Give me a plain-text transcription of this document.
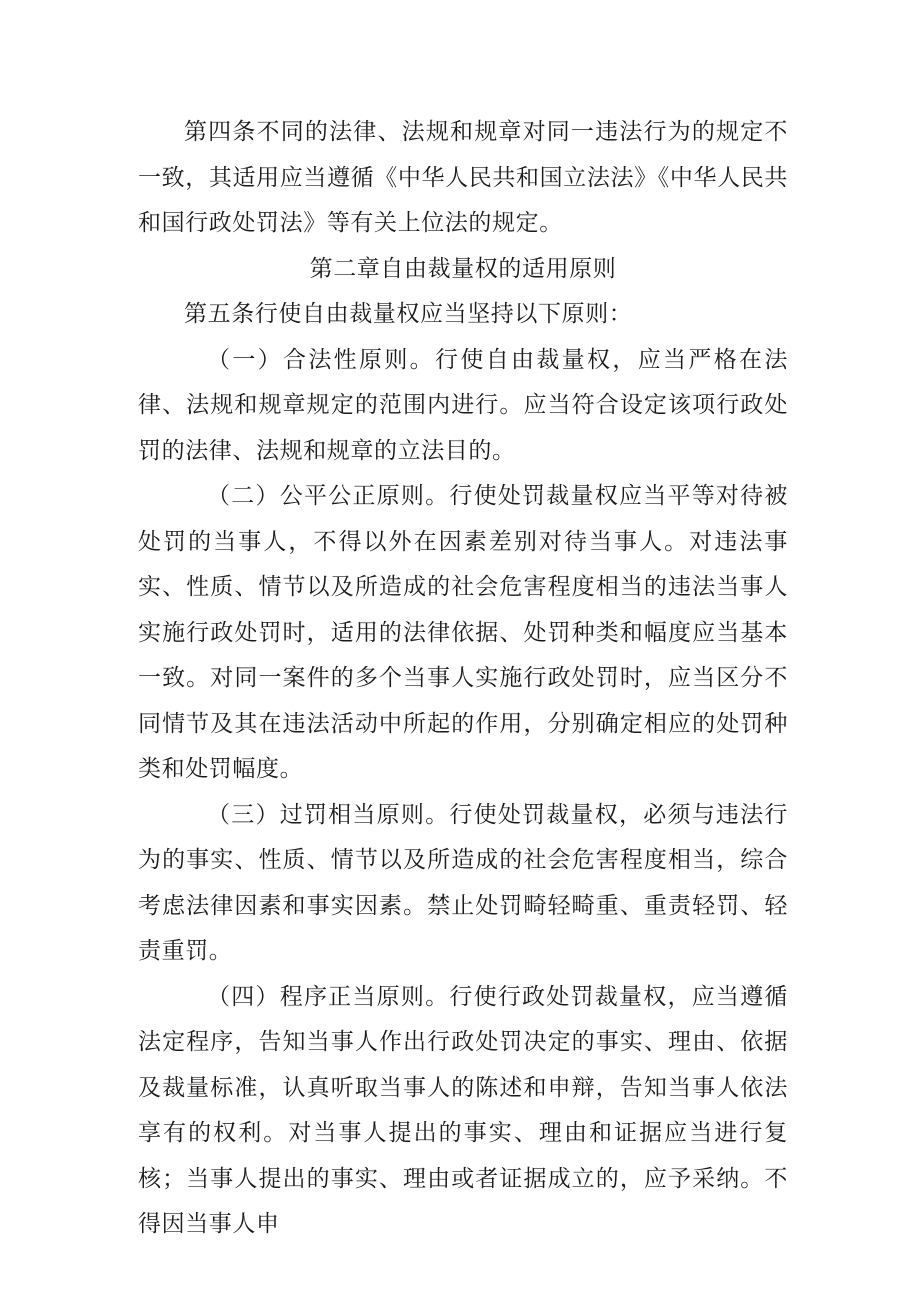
第四条不同的法律、法规和规章对同一违法行为的规定不一致，其适用应当遵循《中华人民共和国立法法》《中华人民共和国行政处罚法》等有关上位法的规定。

第二章自由裁量权的适用原则

第五条行使自由裁量权应当坚持以下原则：

（一）合法性原则。行使自由裁量权，应当严格在法律、法规和规章规定的范围内进行。应当符合设定该项行政处罚的法律、法规和规章的立法目的。

（二）公平公正原则。行使处罚裁量权应当平等对待被处罚的当事人，不得以外在因素差别对待当事人。对违法事实、性质、情节以及所造成的社会危害程度相当的违法当事人实施行政处罚时，适用的法律依据、处罚种类和幅度应当基本一致。对同一案件的多个当事人实施行政处罚时，应当区分不同情节及其在违法活动中所起的作用，分别确定相应的处罚种类和处罚幅度。

（三）过罚相当原则。行使处罚裁量权，必须与违法行为的事实、性质、情节以及所造成的社会危害程度相当，综合考虑法律因素和事实因素。禁止处罚畸轻畸重、重责轻罚、轻责重罚。

（四）程序正当原则。行使行政处罚裁量权，应当遵循法定程序，告知当事人作出行政处罚决定的事实、理由、依据及裁量标准，认真听取当事人的陈述和申辩，告知当事人依法享有的权利。对当事人提出的事实、理由和证据应当进行复核；当事人提出的事实、理由或者证据成立的，应予采纳。不得因当事人申
